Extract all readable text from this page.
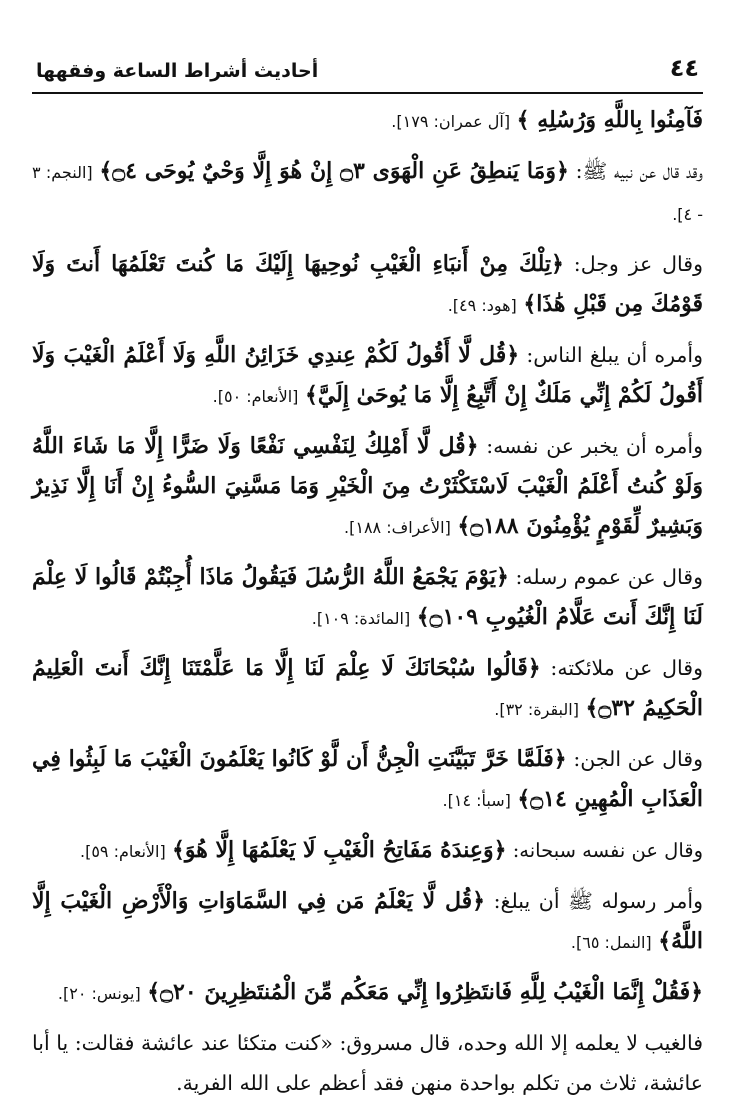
٤٤
أحاديث أشراط الساعة وفقهها

فَآمِنُوا بِاللَّهِ وَرُسُلِهِ ﴾ [آل عمران: ١٧٩].

وقد قال عن نبيه ﷺ: ﴿وَمَا يَنطِقُ عَنِ الْهَوَى ۝٣ إِنْ هُوَ إِلَّا وَحْيٌ يُوحَى ۝٤﴾ [النجم: ٣ - ٤].

وقال عز وجل: ﴿تِلْكَ مِنْ أَنبَاءِ الْغَيْبِ نُوحِيهَا إِلَيْكَ مَا كُنتَ تَعْلَمُهَا أَنتَ وَلَا قَوْمُكَ مِن قَبْلِ هَٰذَا﴾ [هود: ٤٩].

وأمره أن يبلغ الناس: ﴿قُل لَّا أَقُولُ لَكُمْ عِندِي خَزَائِنُ اللَّهِ وَلَا أَعْلَمُ الْغَيْبَ وَلَا أَقُولُ لَكُمْ إِنِّي مَلَكٌ إِنْ أَتَّبِعُ إِلَّا مَا يُوحَىٰ إِلَيَّ﴾ [الأنعام: ٥٠].

وأمره أن يخبر عن نفسه: ﴿قُل لَّا أَمْلِكُ لِنَفْسِي نَفْعًا وَلَا ضَرًّا إِلَّا مَا شَاءَ اللَّهُ وَلَوْ كُنتُ أَعْلَمُ الْغَيْبَ لَاسْتَكْثَرْتُ مِنَ الْخَيْرِ وَمَا مَسَّنِيَ السُّوءُ إِنْ أَنَا إِلَّا نَذِيرٌ وَبَشِيرٌ لِّقَوْمٍ يُؤْمِنُونَ ۝١٨٨﴾ [الأعراف: ١٨٨].

وقال عن عموم رسله: ﴿يَوْمَ يَجْمَعُ اللَّهُ الرُّسُلَ فَيَقُولُ مَاذَا أُجِبْتُمْ قَالُوا لَا عِلْمَ لَنَا إِنَّكَ أَنتَ عَلَّامُ الْغُيُوبِ ۝١٠٩﴾ [المائدة: ١٠٩].

وقال عن ملائكته: ﴿قَالُوا سُبْحَانَكَ لَا عِلْمَ لَنَا إِلَّا مَا عَلَّمْتَنَا إِنَّكَ أَنتَ الْعَلِيمُ الْحَكِيمُ ۝٣٢﴾ [البقرة: ٣٢].

وقال عن الجن: ﴿فَلَمَّا خَرَّ تَبَيَّنَتِ الْجِنُّ أَن لَّوْ كَانُوا يَعْلَمُونَ الْغَيْبَ مَا لَبِثُوا فِي الْعَذَابِ الْمُهِينِ ۝١٤﴾ [سبأ: ١٤].

وقال عن نفسه سبحانه: ﴿وَعِندَهُ مَفَاتِحُ الْغَيْبِ لَا يَعْلَمُهَا إِلَّا هُوَ﴾ [الأنعام: ٥٩].

وأمر رسوله ﷺ أن يبلغ: ﴿قُل لَّا يَعْلَمُ مَن فِي السَّمَاوَاتِ وَالْأَرْضِ الْغَيْبَ إِلَّا اللَّهُ﴾ [النمل: ٦٥].

﴿فَقُلْ إِنَّمَا الْغَيْبُ لِلَّهِ فَانتَظِرُوا إِنِّي مَعَكُم مِّنَ الْمُنتَظِرِينَ ۝٢٠﴾ [يونس: ٢٠].

فالغيب لا يعلمه إلا الله وحده، قال مسروق: «كنت متكئا عند عائشة فقالت: يا أبا عائشة، ثلاث من تكلم بواحدة منهن فقد أعظم على الله الفرية.
